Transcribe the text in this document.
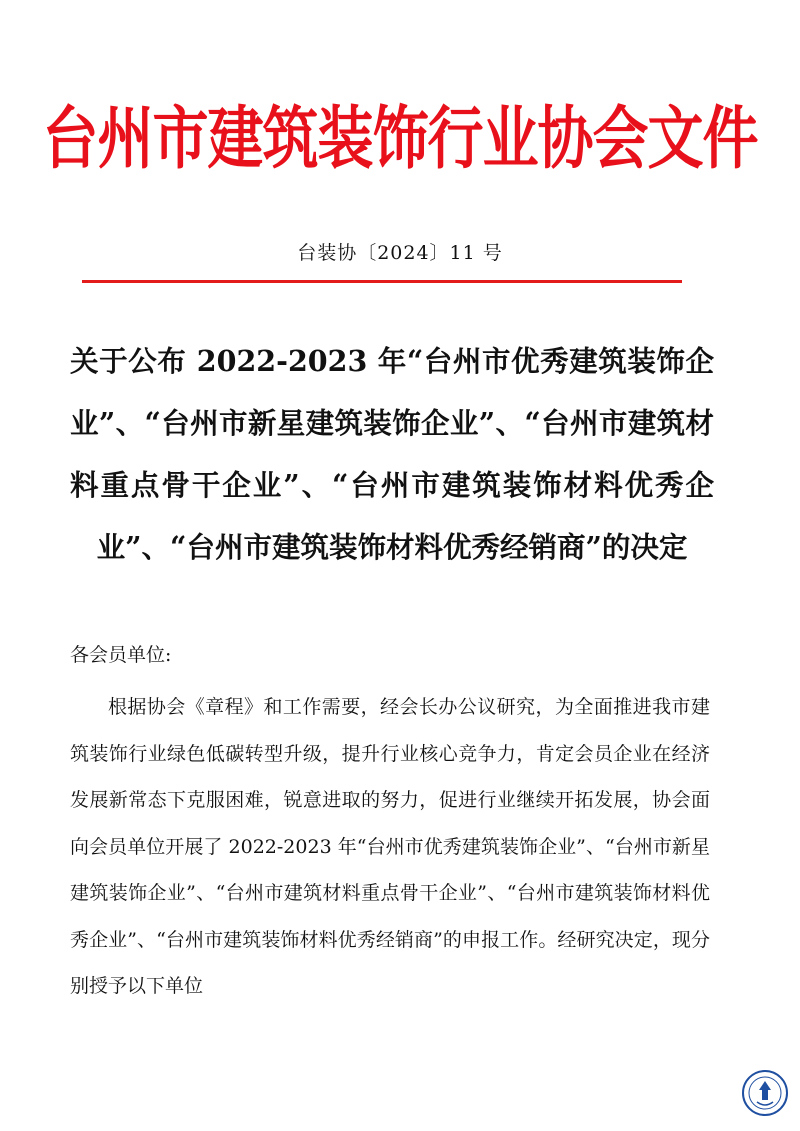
台州市建筑装饰行业协会文件
台装协〔2024〕11 号
关于公布 2022-2023 年“台州市优秀建筑装饰企业”、“台州市新星建筑装饰企业”、“台州市建筑材料重点骨干企业”、“台州市建筑装饰材料优秀企业”、“台州市建筑装饰材料优秀经销商”的决定

各会员单位:

根据协会《章程》和工作需要，经会长办公议研究，为全面推进我市建筑装饰行业绿色低碳转型升级，提升行业核心竞争力，肯定会员企业在经济发展新常态下克服困难，锐意进取的努力，促进行业继续开拓发展，协会面向会员单位开展了 2022-2023 年“台州市优秀建筑装饰企业”、“台州市新星建筑装饰企业”、“台州市建筑材料重点骨干企业”、“台州市建筑装饰材料优秀企业”、“台州市建筑装饰材料优秀经销商”的申报工作。经研究决定，现分别授予以下单位
